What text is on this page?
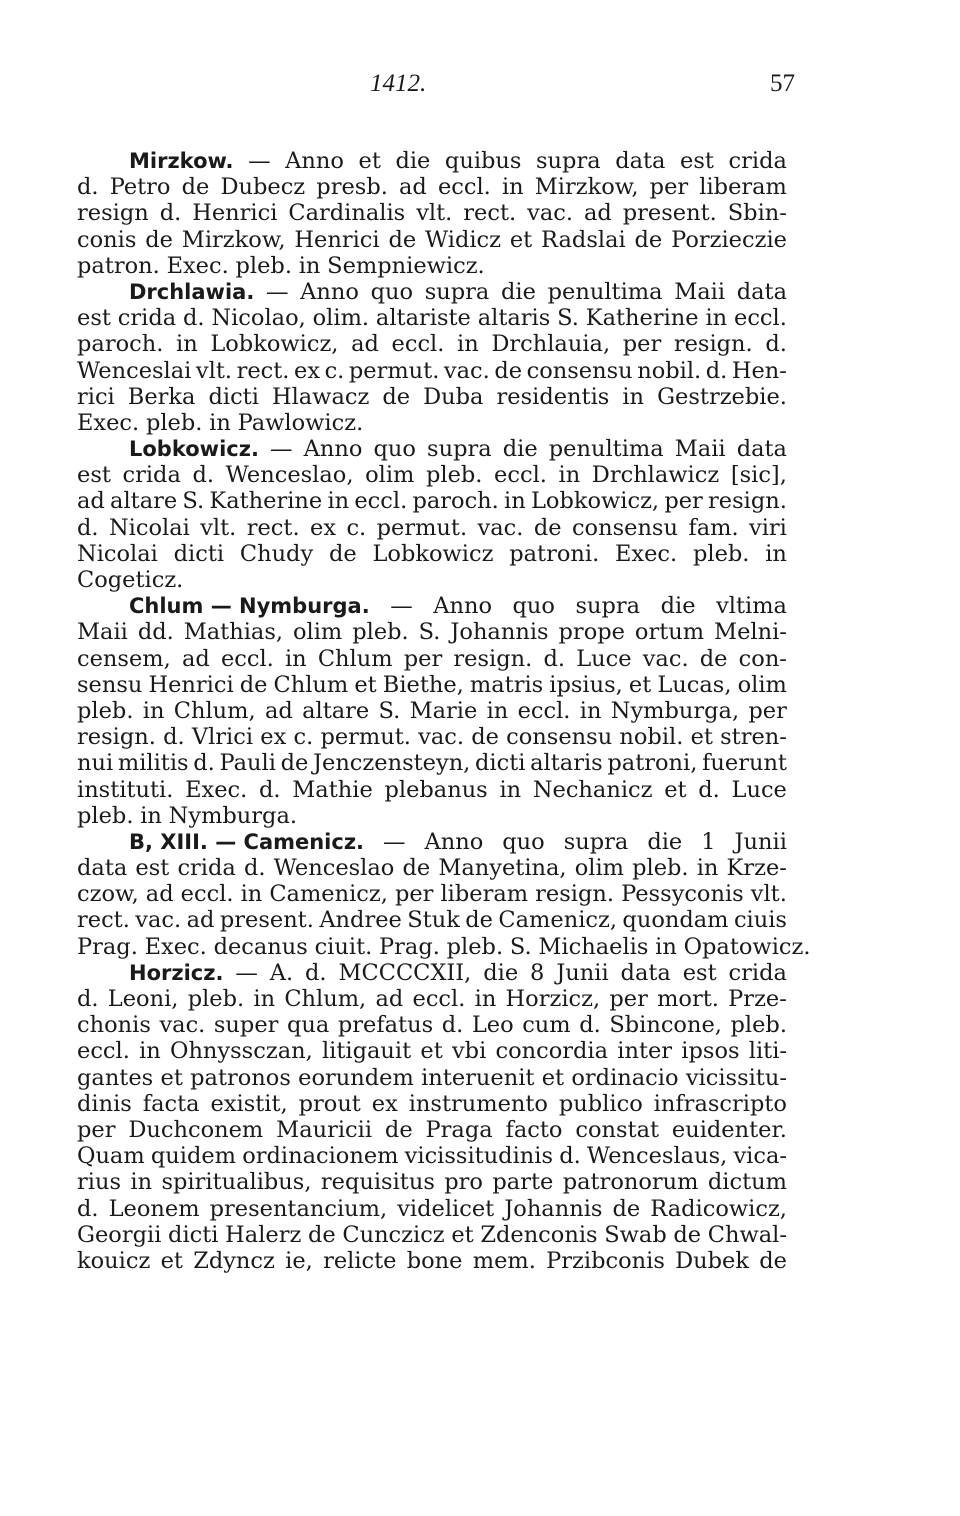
1412.	57
Mirzkow. — Anno et die quibus supra data est crida
d. Petro de Dubecz presb. ad eccl. in Mirzkow, per liberam
resign d. Henrici Cardinalis vlt. rect. vac. ad present. Sbin-
conis de Mirzkow, Henrici de Widicz et Radslai de Porzieczie
patron. Exec. pleb. in Sempniewicz.
Drchlawia. — Anno quo supra die penultima Maii data
est crida d. Nicolao, olim. altariste altaris S. Katherine in eccl.
paroch. in Lobkowicz, ad eccl. in Drchlauia, per resign. d.
Wenceslai vlt. rect. ex c. permut. vac. de consensu nobil. d. Hen-
rici Berka dicti Hlawacz de Duba residentis in Gestrzebie.
Exec. pleb. in Pawlowicz.
Lobkowicz. — Anno quo supra die penultima Maii data
est crida d. Wenceslao, olim pleb. eccl. in Drchlawicz [sic],
ad altare S. Katherine in eccl. paroch. in Lobkowicz, per resign.
d. Nicolai vlt. rect. ex c. permut. vac. de consensu fam. viri
Nicolai dicti Chudy de Lobkowicz patroni. Exec. pleb. in
Cogeticz.
Chlum — Nymburga. — Anno quo supra die vltima
Maii dd. Mathias, olim pleb. S. Johannis prope ortum Melni-
censem, ad eccl. in Chlum per resign. d. Luce vac. de con-
sensu Henrici de Chlum et Biethe, matris ipsius, et Lucas, olim
pleb. in Chlum, ad altare S. Marie in eccl. in Nymburga, per
resign. d. Vlrici ex c. permut. vac. de consensu nobil. et stren-
nui militis d. Pauli de Jenczensteyn, dicti altaris patroni, fuerunt
instituti. Exec. d. Mathie plebanus in Nechanicz et d. Luce
pleb. in Nymburga.
B, XIII. — Camenicz. — Anno quo supra die 1 Junii
data est crida d. Wenceslao de Manyetina, olim pleb. in Krze-
czow, ad eccl. in Camenicz, per liberam resign. Pessyconis vlt.
rect. vac. ad present. Andree Stuk de Camenicz, quondam ciuis
Prag. Exec. decanus ciuit. Prag. pleb. S. Michaelis in Opatowicz.
Horzicz. — A. d. MCCCCXII, die 8 Junii data est crida
d. Leoni, pleb. in Chlum, ad eccl. in Horzicz, per mort. Prze-
chonis vac. super qua prefatus d. Leo cum d. Sbincone, pleb.
eccl. in Ohnyssczan, litigauit et vbi concordia inter ipsos liti-
gantes et patronos eorundem interuenit et ordinacio vicissitu-
dinis facta existit, prout ex instrumento publico infrascripto
per Duchconem Mauricii de Praga facto constat euidenter.
Quam quidem ordinacionem vicissitudinis d. Wenceslaus, vica-
rius in spiritualibus, requisitus pro parte patronorum dictum
d. Leonem presentancium, videlicet Johannis de Radicowicz,
Georgii dicti Halerz de Cunczicz et Zdenconis Swab de Chwal-
kouicz et Zdyncz ie, relicte bone mem. Przibconis Dubek de
